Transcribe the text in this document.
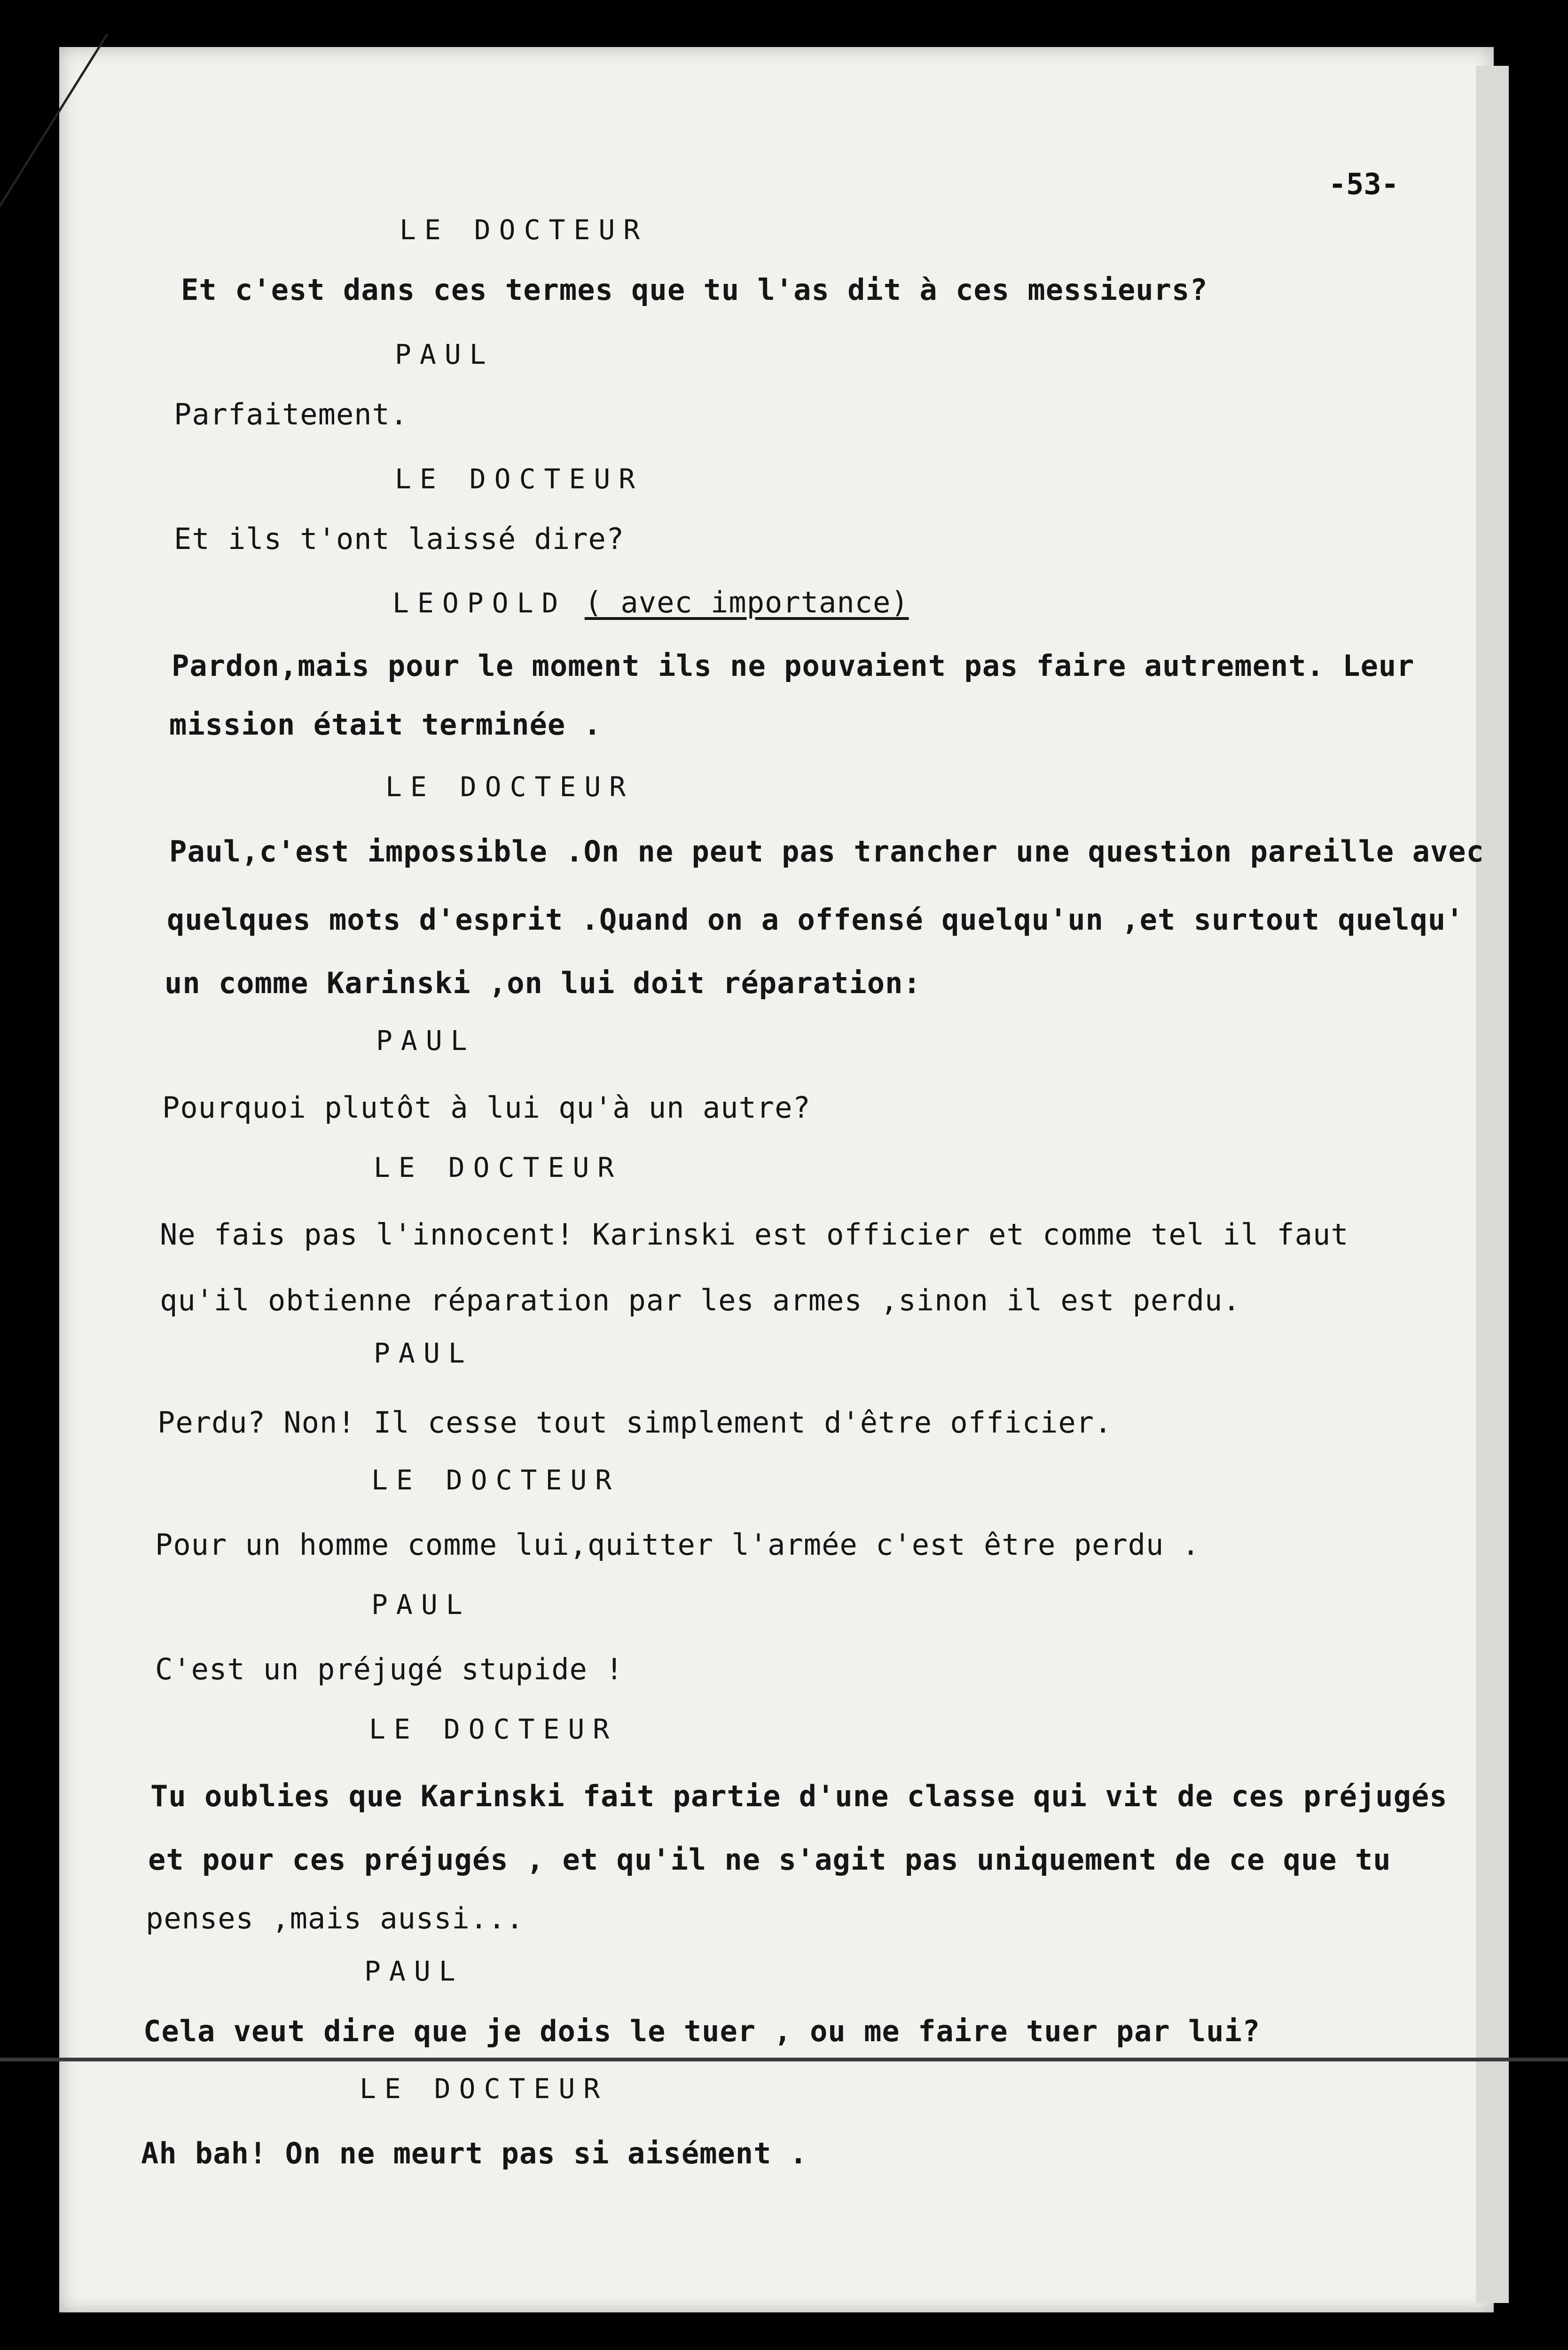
-53-
LE DOCTEUR
Et c'est dans ces termes que tu l'as dit à ces messieurs?
PAUL
Parfaitement.
LE DOCTEUR
Et ils t'ont laissé dire?
LEOPOLD ( avec importance)
Pardon,mais pour le moment ils ne pouvaient pas faire autrement. Leur
mission était terminée .
LE DOCTEUR
Paul,c'est impossible .On ne peut pas trancher une question pareille avec
quelques mots d'esprit .Quand on a offensé quelqu'un ,et surtout quelqu'
un comme Karinski ,on lui doit réparation:
PAUL
Pourquoi plutôt à lui qu'à un autre?
LE DOCTEUR
Ne fais pas l'innocent! Karinski est officier et comme tel il faut
qu'il obtienne réparation par les armes ,sinon il est perdu.
PAUL
Perdu? Non! Il cesse tout simplement d'être officier.
LE DOCTEUR
Pour un homme comme lui,quitter l'armée c'est être perdu .
PAUL
C'est un préjugé stupide !
LE DOCTEUR
Tu oublies que Karinski fait partie d'une classe qui vit de ces préjugés
et pour ces préjugés , et qu'il ne s'agit pas uniquement de ce que tu
penses ,mais aussi...
PAUL
Cela veut dire que je dois le tuer , ou me faire tuer par lui?
LE DOCTEUR
Ah bah! On ne meurt pas si aisément .
